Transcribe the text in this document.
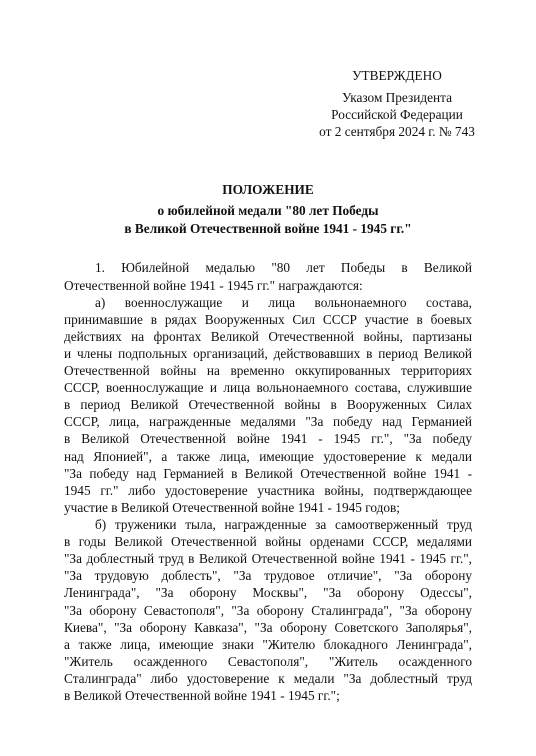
УТВЕРЖДЕНО
Указом Президента
Российской Федерации
от 2 сентября 2024 г. № 743
ПОЛОЖЕНИЕ
о юбилейной медали "80 лет Победы
в Великой Отечественной войне 1941 - 1945 гг."
1. Юбилейной медалью "80 лет Победы в Великой
Отечественной войне 1941 - 1945 гг." награждаются:
а) военнослужащие и лица вольнонаемного состава,
принимавшие в рядах Вооруженных Сил СССР участие в боевых
действиях на фронтах Великой Отечественной войны, партизаны
и члены подпольных организаций, действовавших в период Великой
Отечественной войны на временно оккупированных территориях
СССР, военнослужащие и лица вольнонаемного состава, служившие
в период Великой Отечественной войны в Вооруженных Силах
СССР, лица, награжденные медалями "За победу над Германией
в Великой Отечественной войне 1941 - 1945 гг.", "За победу
над Японией", а также лица, имеющие удостоверение к медали
"За победу над Германией в Великой Отечественной войне 1941 -
1945 гг." либо удостоверение участника войны, подтверждающее
участие в Великой Отечественной войне 1941 - 1945 годов;
б) труженики тыла, награжденные за самоотверженный труд
в годы Великой Отечественной войны орденами СССР, медалями
"За доблестный труд в Великой Отечественной войне 1941 - 1945 гг.",
"За трудовую доблесть", "За трудовое отличие", "За оборону
Ленинграда", "За оборону Москвы", "За оборону Одессы",
"За оборону Севастополя", "За оборону Сталинграда", "За оборону
Киева", "За оборону Кавказа", "За оборону Советского Заполярья",
а также лица, имеющие знаки "Жителю блокадного Ленинграда",
"Житель осажденного Севастополя", "Житель осажденного
Сталинграда" либо удостоверение к медали "За доблестный труд
в Великой Отечественной войне 1941 - 1945 гг.";
